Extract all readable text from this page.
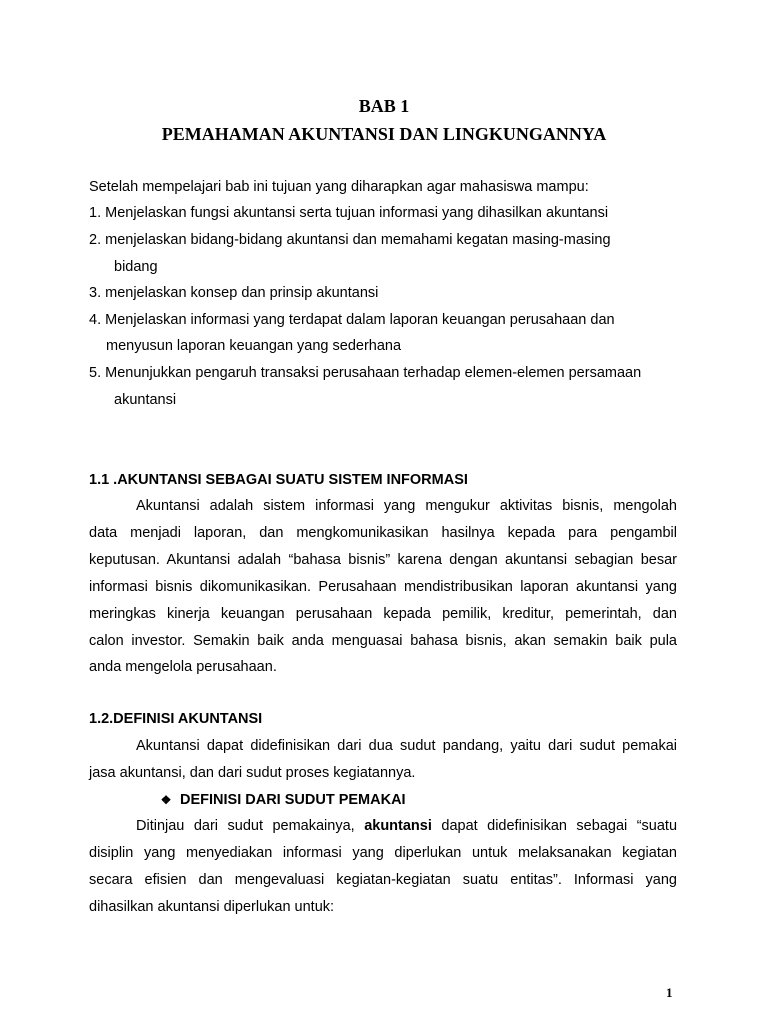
BAB 1
PEMAHAMAN AKUNTANSI DAN LINGKUNGANNYA
Setelah mempelajari bab ini tujuan yang diharapkan agar mahasiswa mampu:
1. Menjelaskan fungsi akuntansi serta tujuan informasi yang dihasilkan akuntansi
2. menjelaskan bidang-bidang akuntansi dan memahami kegatan masing-masing
bidang
3. menjelaskan konsep dan prinsip akuntansi
4. Menjelaskan informasi yang terdapat dalam laporan keuangan perusahaan dan
menyusun laporan keuangan yang sederhana
5. Menunjukkan pengaruh transaksi perusahaan terhadap elemen-elemen persamaan
akuntansi
1.1 .AKUNTANSI SEBAGAI SUATU SISTEM INFORMASI
Akuntansi adalah sistem informasi yang mengukur aktivitas bisnis, mengolah
data menjadi laporan, dan mengkomunikasikan hasilnya kepada para pengambil
keputusan. Akuntansi adalah “bahasa bisnis” karena dengan akuntansi sebagian besar
informasi bisnis dikomunikasikan. Perusahaan mendistribusikan laporan akuntansi yang
meringkas kinerja keuangan perusahaan kepada pemilik, kreditur, pemerintah, dan
calon investor. Semakin baik anda menguasai bahasa bisnis, akan semakin baik pula
anda mengelola perusahaan.
1.2.DEFINISI AKUNTANSI
Akuntansi dapat didefinisikan dari dua sudut pandang, yaitu dari sudut pemakai
jasa akuntansi, dan dari sudut proses kegiatannya.
❖ DEFINISI DARI SUDUT PEMAKAI
Ditinjau dari sudut pemakainya, akuntansi dapat didefinisikan sebagai “suatu
disiplin yang menyediakan informasi yang diperlukan untuk melaksanakan kegiatan
secara efisien dan mengevaluasi kegiatan-kegiatan suatu entitas”. Informasi yang
dihasilkan akuntansi diperlukan untuk:
1
